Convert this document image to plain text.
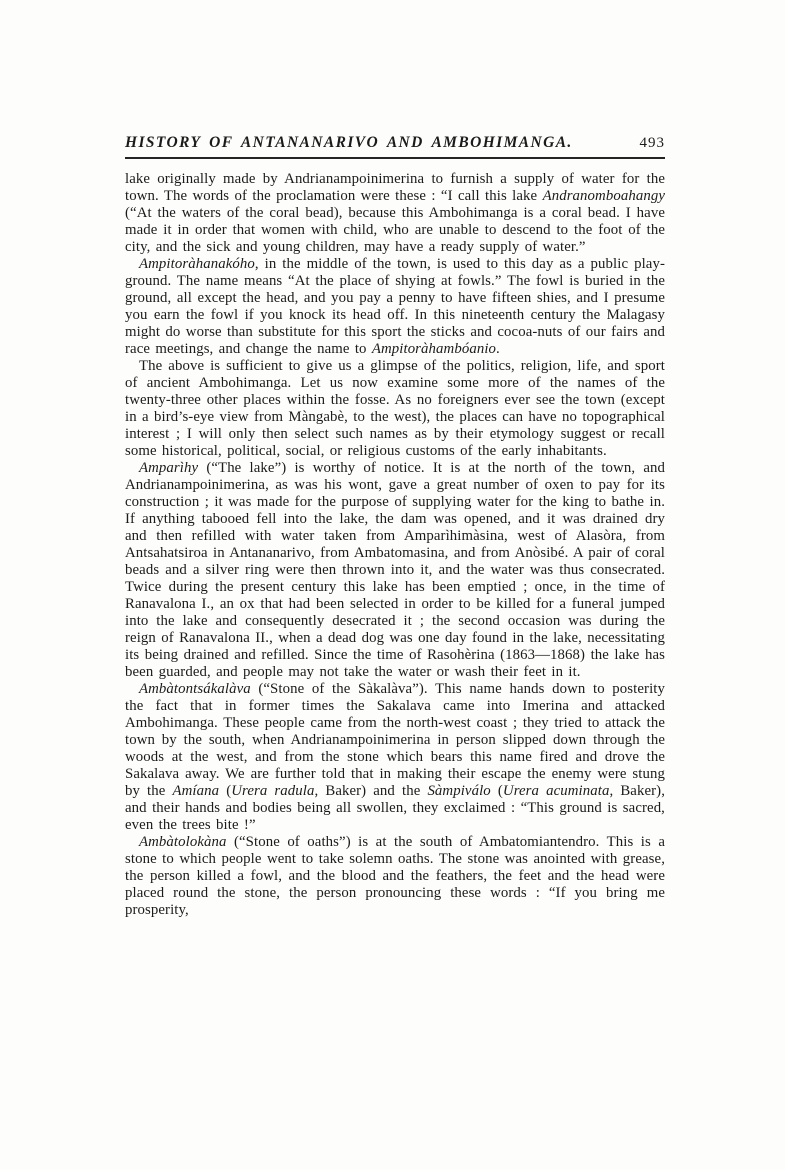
HISTORY OF ANTANANARIVO AND AMBOHIMANGA.	493

lake originally made by Andrianampoinimerina to furnish a supply of water for the town. The words of the proclamation were these : “I call this lake Andranomboahangy (“At the waters of the coral bead), because this Ambohimanga is a coral bead. I have made it in order that women with child, who are unable to descend to the foot of the city, and the sick and young children, may have a ready supply of water.”

Ampitoràhanakóho, in the middle of the town, is used to this day as a public play-ground. The name means “At the place of shying at fowls.” The fowl is buried in the ground, all except the head, and you pay a penny to have fifteen shies, and I presume you earn the fowl if you knock its head off. In this nineteenth century the Malagasy might do worse than substitute for this sport the sticks and cocoa-nuts of our fairs and race meetings, and change the name to Ampitoràhambóanio.

The above is sufficient to give us a glimpse of the politics, religion, life, and sport of ancient Ambohimanga. Let us now examine some more of the names of the twenty-three other places within the fosse. As no foreigners ever see the town (except in a bird’s-eye view from Màngabè, to the west), the places can have no topographical interest ; I will only then select such names as by their etymology suggest or recall some historical, political, social, or religious customs of the early inhabitants.

Amparìhy (“The lake”) is worthy of notice. It is at the north of the town, and Andrianampoinimerina, as was his wont, gave a great number of oxen to pay for its construction ; it was made for the purpose of supplying water for the king to bathe in. If anything tabooed fell into the lake, the dam was opened, and it was drained dry and then refilled with water taken from Amparìhimàsina, west of Alasòra, from Antsahatsiroa in Antananarivo, from Ambatomasina, and from Anòsibé. A pair of coral beads and a silver ring were then thrown into it, and the water was thus consecrated. Twice during the present century this lake has been emptied ; once, in the time of Ranavalona I., an ox that had been selected in order to be killed for a funeral jumped into the lake and consequently desecrated it ; the second occasion was during the reign of Ranavalona II., when a dead dog was one day found in the lake, necessitating its being drained and refilled. Since the time of Rasohèrina (1863—1868) the lake has been guarded, and people may not take the water or wash their feet in it.

Ambàtontsákalàva (“Stone of the Sàkalàva”). This name hands down to posterity the fact that in former times the Sakalava came into Imerina and attacked Ambohimanga. These people came from the north-west coast ; they tried to attack the town by the south, when Andrianampoinimerina in person slipped down through the woods at the west, and from the stone which bears this name fired and drove the Sakalava away. We are further told that in making their escape the enemy were stung by the Amíana (Urera radula, Baker) and the Sàmpiválo (Urera acuminata, Baker), and their hands and bodies being all swollen, they exclaimed : “This ground is sacred, even the trees bite !”

Ambàtolokàna (“Stone of oaths”) is at the south of Ambatomiantendro. This is a stone to which people went to take solemn oaths. The stone was anointed with grease, the person killed a fowl, and the blood and the feathers, the feet and the head were placed round the stone, the person pronouncing these words : “If you bring me prosperity,
